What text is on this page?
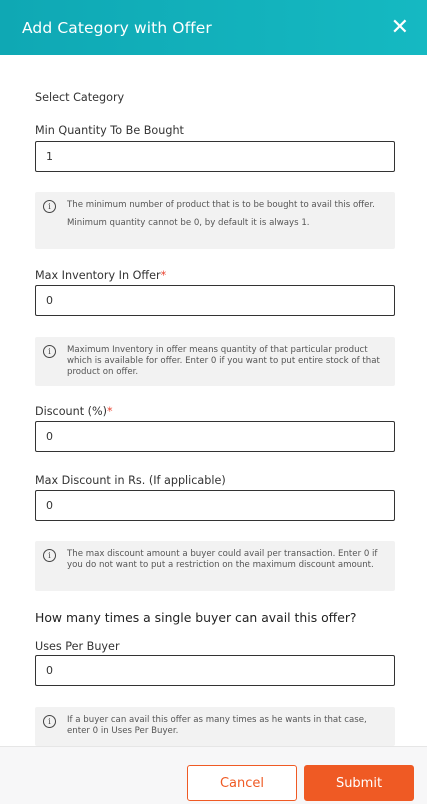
Add Category with Offer	✕
Select Category
Min Quantity To Be Bought
1
i	The minimum number of product that is to be bought to avail this offer.

Minimum quantity cannot be 0, by default it is always 1.

Max Inventory In Offer*
0
i	Maximum Inventory in offer means quantity of that particular product which is available for offer. Enter 0 if you want to put entire stock of that product on offer.

Discount (%)*
0
Max Discount in Rs. (If applicable)
0
i	The max discount amount a buyer could avail per transaction. Enter 0 if you do not want to put a restriction on the maximum discount amount.

How many times a single buyer can avail this offer?
Uses Per Buyer
0
i	If a buyer can avail this offer as many times as he wants in that case, enter 0 in Uses Per Buyer.

Cancel	Submit
